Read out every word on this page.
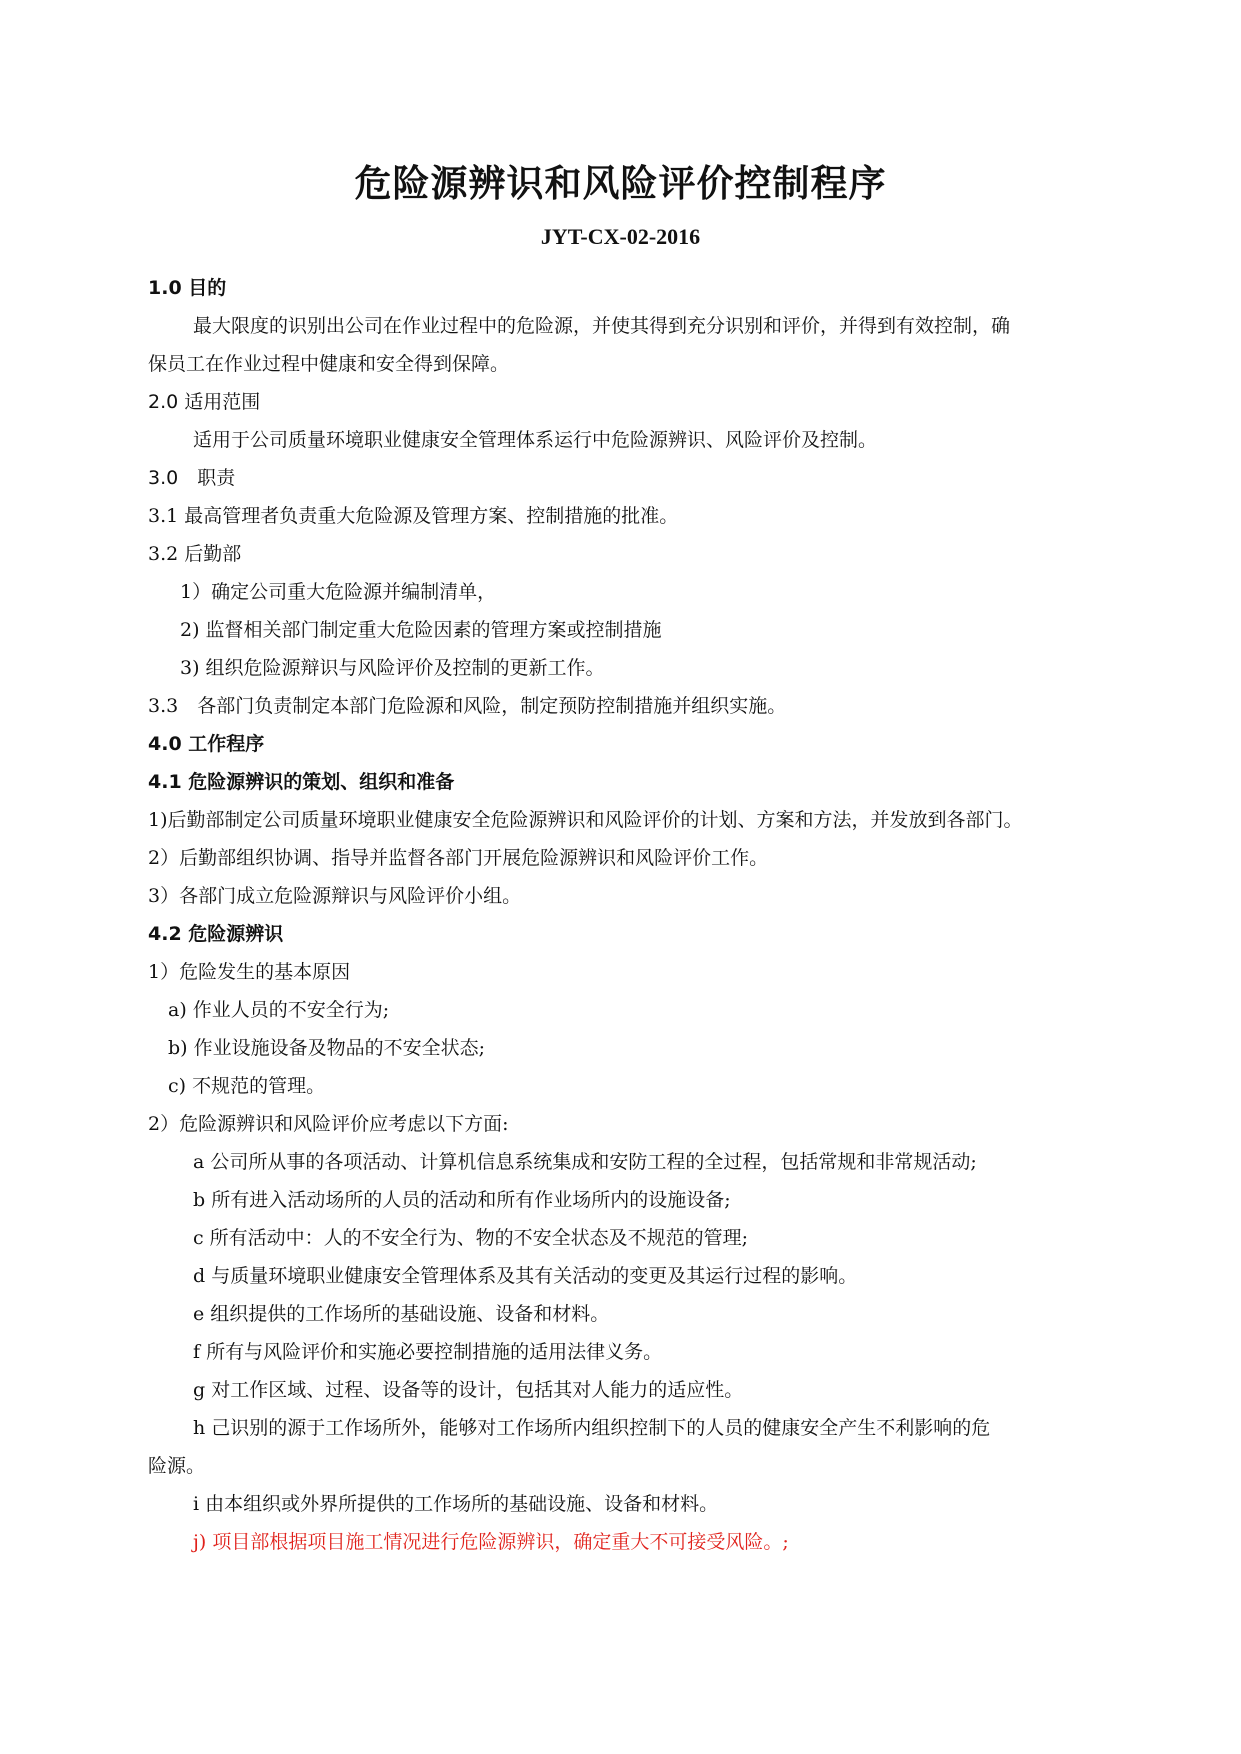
危险源辨识和风险评价控制程序
JYT-CX-02-2016
1.0 目的
最大限度的识别出公司在作业过程中的危险源，并使其得到充分识别和评价，并得到有效控制，确
保员工在作业过程中健康和安全得到保障。
2.0 适用范围
适用于公司质量环境职业健康安全管理体系运行中危险源辨识、风险评价及控制。
3.0　职责
3.1 最高管理者负责重大危险源及管理方案、控制措施的批准。
3.2 后勤部
1）确定公司重大危险源并编制清单，
2) 监督相关部门制定重大危险因素的管理方案或控制措施
3) 组织危险源辩识与风险评价及控制的更新工作。
3.3　各部门负责制定本部门危险源和风险，制定预防控制措施并组织实施。
4.0 工作程序
4.1 危险源辨识的策划、组织和准备
1)后勤部制定公司质量环境职业健康安全危险源辨识和风险评价的计划、方案和方法，并发放到各部门。
2）后勤部组织协调、指导并监督各部门开展危险源辨识和风险评价工作。
3）各部门成立危险源辩识与风险评价小组。
4.2 危险源辨识
1）危险发生的基本原因
a) 作业人员的不安全行为;
b) 作业设施设备及物品的不安全状态;
c) 不规范的管理。
2）危险源辨识和风险评价应考虑以下方面:
a 公司所从事的各项活动、计算机信息系统集成和安防工程的全过程，包括常规和非常规活动;
b 所有进入活动场所的人员的活动和所有作业场所内的设施设备;
c 所有活动中：人的不安全行为、物的不安全状态及不规范的管理;
d 与质量环境职业健康安全管理体系及其有关活动的变更及其运行过程的影响。
e 组织提供的工作场所的基础设施、设备和材料。
f 所有与风险评价和实施必要控制措施的适用法律义务。
g 对工作区域、过程、设备等的设计，包括其对人能力的适应性。
h 己识别的源于工作场所外，能够对工作场所内组织控制下的人员的健康安全产生不利影响的危
险源。
i 由本组织或外界所提供的工作场所的基础设施、设备和材料。
j) 项目部根据项目施工情况进行危险源辨识，确定重大不可接受风险。;
